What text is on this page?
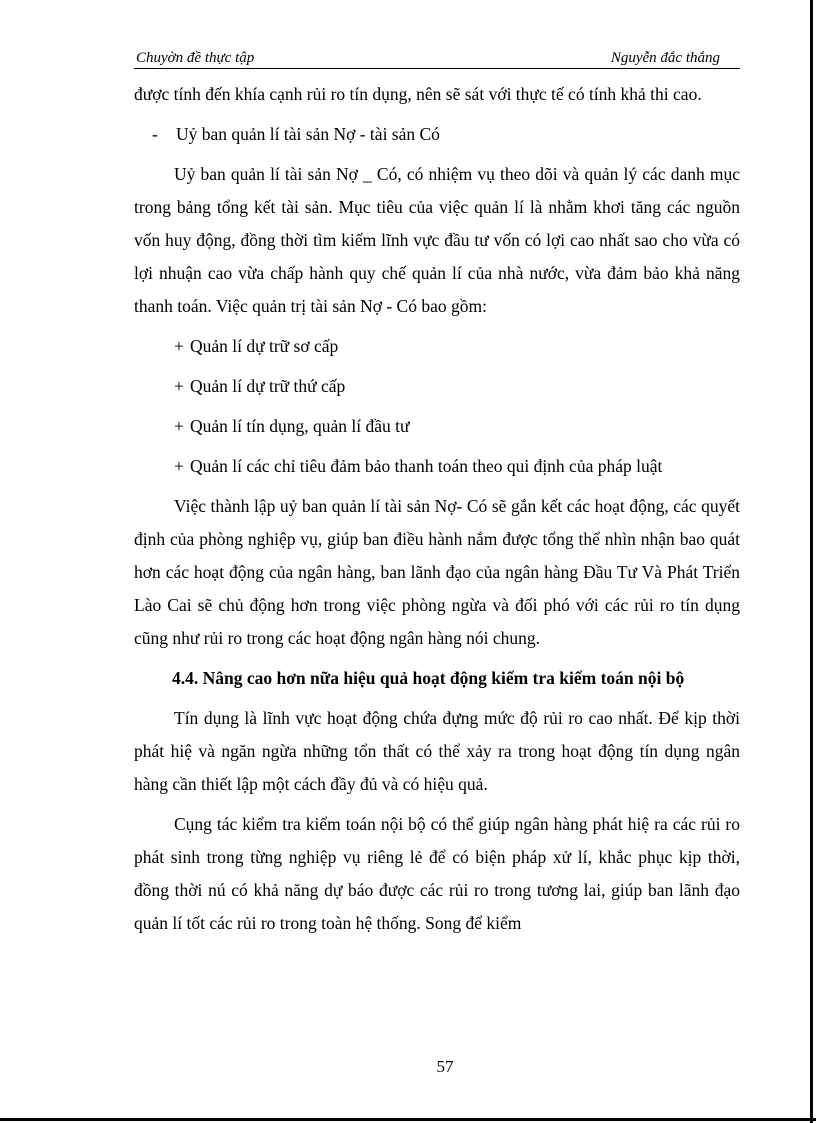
Chuyờn đề thực tập	Nguyễn đắc thắng

được tính đến khía cạnh rủi ro tín dụng, nên sẽ sát với thực tế có tính khả thi cao.

- Uỷ ban quản lí tài sản Nợ - tài sản Có

Uỷ ban quản lí tài sản Nợ _ Có, có nhiệm vụ theo dõi và quản lý các danh mục trong bảng tổng kết tài sản. Mục tiêu của việc quản lí là nhằm khơi tăng các nguồn vốn huy động, đồng thời tìm kiếm lĩnh vực đầu tư vốn có lợi cao nhất sao cho vừa có lợi nhuận cao vừa chấp hành quy chế quản lí của nhà nước, vừa đảm bảo khả năng thanh toán. Việc quản trị tài sản Nợ - Có bao gồm:

+ Quản lí dự trữ sơ cấp

+ Quản lí dự trữ thứ cấp

+ Quản lí tín dụng, quản lí đầu tư

+ Quản lí các chỉ tiêu đảm bảo thanh toán theo qui định của pháp luật

Việc thành lập uỷ ban quản lí tài sản Nợ- Có sẽ gắn kết các hoạt động, các quyết định của phòng nghiệp vụ, giúp ban điều hành nắm được tổng thể nhìn nhận bao quát hơn các hoạt động của ngân hàng, ban lãnh đạo của ngân hàng Đầu Tư Và Phát Triển Lào Cai sẽ chủ động hơn trong việc phòng ngừa và đối phó với các rủi ro tín dụng cũng như rủi ro trong các hoạt động ngân hàng nói chung.

4.4. Nâng cao hơn nữa hiệu quả hoạt động kiểm tra kiểm toán nội bộ

Tín dụng là lĩnh vực hoạt động chứa đựng mức độ rủi ro cao nhất. Để kịp thời phát hiệ và ngăn ngừa những tổn thất có thể xảy ra trong hoạt động tín dụng ngân hàng cần thiết lập một cách đầy đủ và có hiệu quả.

Cụng tác kiểm tra kiểm toán nội bộ có thể giúp ngân hàng phát hiệ ra các rủi ro phát sinh trong từng nghiệp vụ riêng lẻ để có biện pháp xử lí, khắc phục kịp thời, đồng thời nú có khả năng dự báo được các rủi ro trong tương lai, giúp ban lãnh đạo quản lí tốt các rủi ro trong toàn hệ thống. Song để kiểm

57
